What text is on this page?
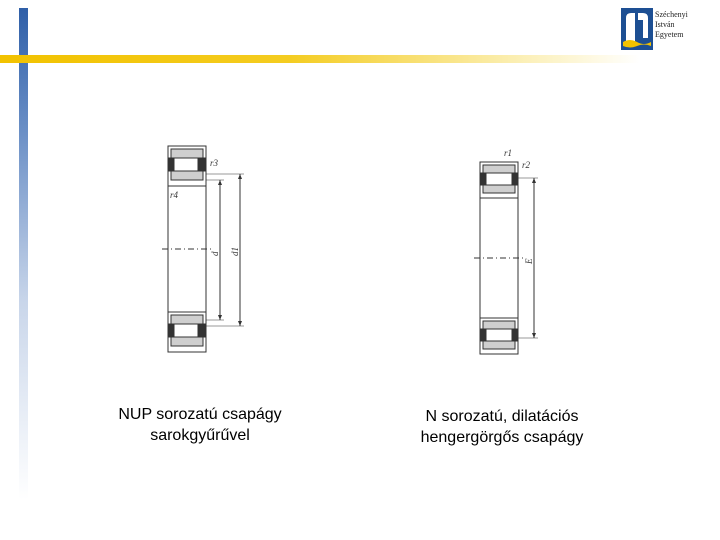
Széchenyi
István
Egyetem
r3
r4
d d1
r1
r2
E
NUP sorozatú csapágy
sarokgyűrűvel
N sorozatú, dilatációs
hengergörgős csapágy
